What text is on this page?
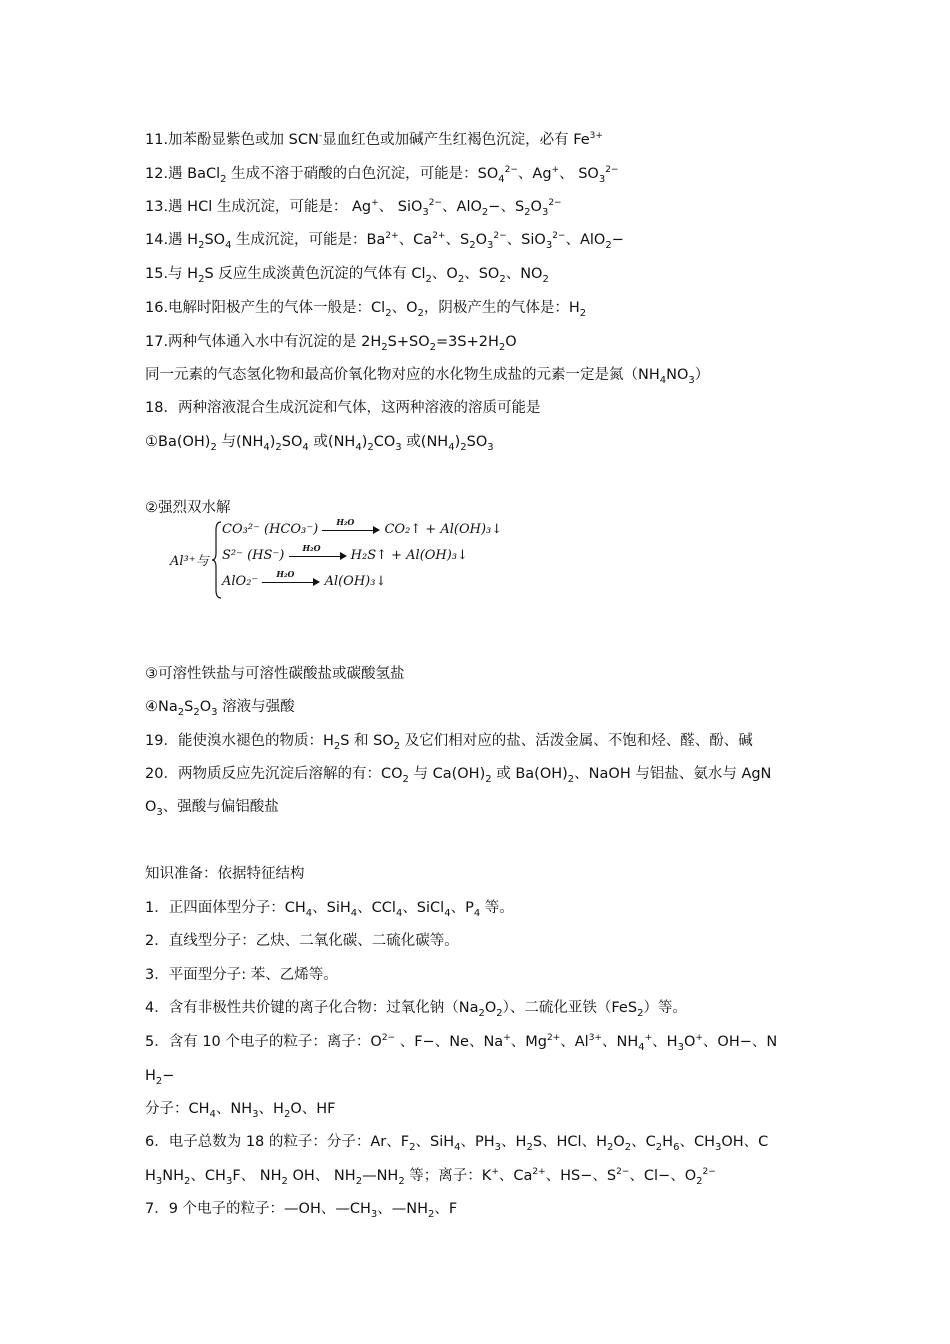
11.加苯酚显紫色或加 SCN-显血红色或加碱产生红褐色沉淀，必有 $Fe^{3+}$
12.遇 BaCl$_2$ 生成不溶于硝酸的白色沉淀，可能是：$SO_4^{2-}$、Ag+、 $SO_3^{2-}$
13.遇 HCl 生成沉淀，可能是： Ag+、 SiO$_3^{2-}$、AlO$_2$−、$S_2O_3^{2-}$
14.遇 $H_2SO_4$ 生成沉淀，可能是：$Ba^{2+}$、$Ca^{2+}$、$S_2O_3^{2-}$、SiO$_3^{2-}$、AlO$_2$−
15.与 $H_2S$ 反应生成淡黄色沉淀的气体有 $Cl_2$、$O_2$、$SO_2$、$NO_2$
16.电解时阳极产生的气体一般是：$Cl_2$、$O_2$，阴极产生的气体是：$H_2$
17.两种气体通入水中有沉淀的是 $2H_2S+SO_2=3S+2H_2O$
同一元素的气态氢化物和最高价氧化物对应的水化物生成盐的元素一定是氮$(NH_4NO_3)$
18．两种溶液混合生成沉淀和气体，这两种溶液的溶质可能是
$①Ba(OH)_2$ 与$(NH_4)_2SO_4$ 或$(NH_4)_2CO_3$ 或$(NH_4)_2SO_3$
②强烈双水解
③可溶性铁盐与可溶性碳酸盐或碳酸氢盐
$④Na_2S_2O_3$ 溶液与强酸
19．能使溴水褪色的物质：$H_2S$ 和 $SO_2$ 及它们相对应的盐、活泼金属、不饱和烃、醛、酚、碱
20．两物质反应先沉淀后溶解的有：$CO_2$ 与 $Ca(OH)_2$ 或 $Ba(OH)_2$、NaOH 与铝盐、氨水与 AgN
$O_3$、强酸与偏铝酸盐
知识准备：依据特征结构
1．正四面体型分子：$CH_4$、SiH$_4$、CCl$_4$、SiCl$_4$、$P_4$ 等。
2．直线型分子：乙炔、二氧化碳、二硫化碳等。
3．平面型分子: 苯、乙烯等。
4．含有非极性共价键的离子化合物：过氧化钠$(Na_2O_2)$、二硫化亚铁（FeS$_2$）等。
5．含有 10 个电子的粒子：离子：$O^{2-}$ 、F−、Ne、Na+、$Mg^{2+}$、$Al^{3+}$、$NH_4^+$、$H_3O^+$、OH−、N
$H_2-$
分子：$CH_4$、$NH_3$、$H_2O$、HF
6．电子总数为 18 的粒子：分子：Ar、$F_2$、SiH$_4$、$PH_3$、$H_2S$、HCl、$H_2O_2$、$C_2H_6$、$CH_3OH$、C
$H_3NH_2$、$CH_3F$、 $NH_2$ OH、 $NH_2—NH_2$ 等；离子：K+、$Ca^{2+}$、HS−、$S^{2-}$、Cl−、$O_2^{2-}$
7．9 个电子的粒子：—OH、$—CH_3$、$—NH_2$、F
Al³⁺与
CO₃²⁻ (HCO₃⁻)
H₂O
CO₂↑ + Al(OH)₃↓
S²⁻ (HS⁻)
H₂O
H₂S↑ + Al(OH)₃↓
AlO₂⁻
H₂O
Al(OH)₃↓
